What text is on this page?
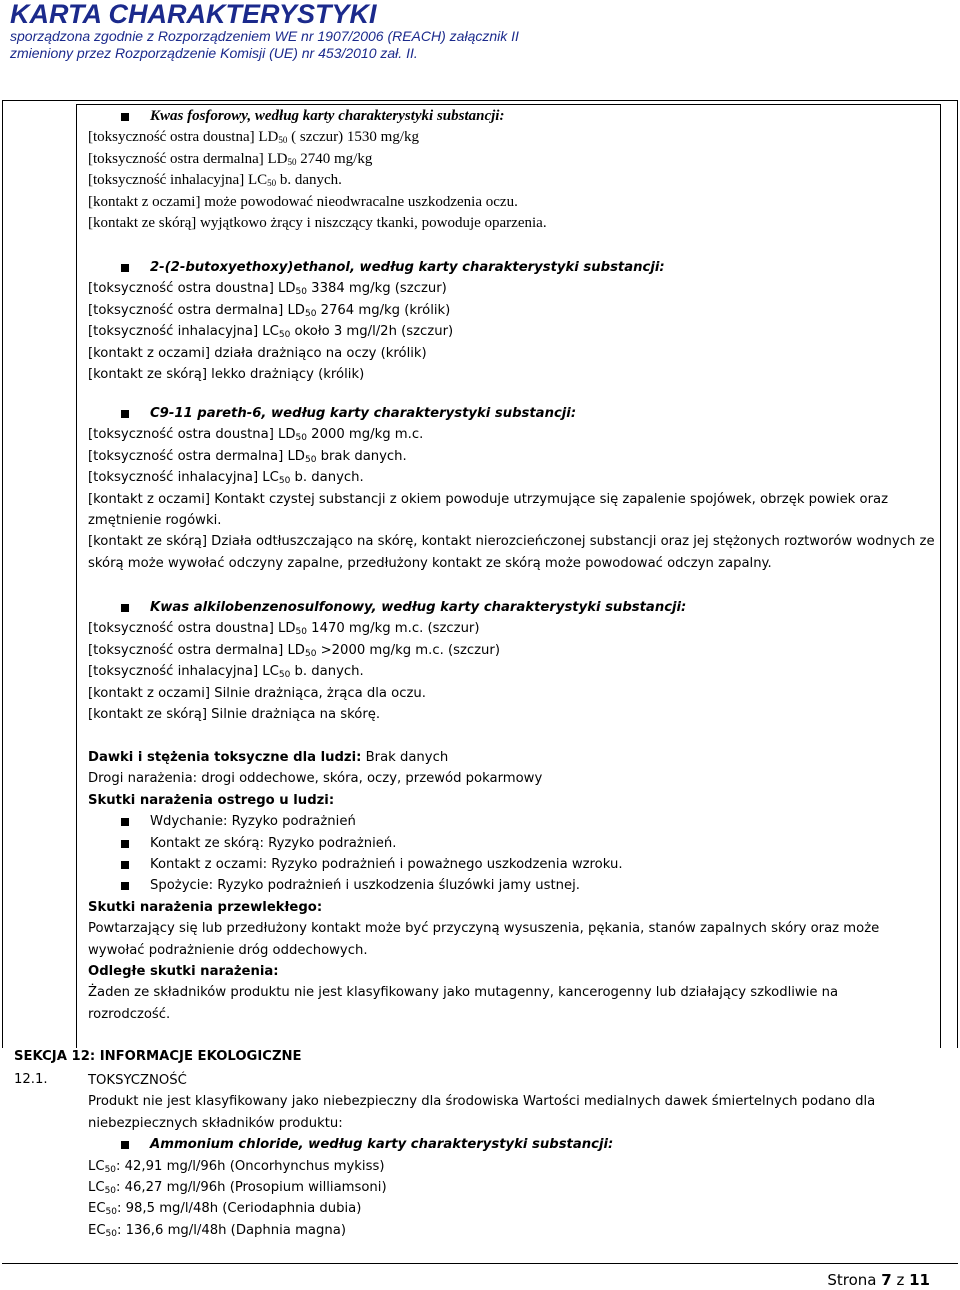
KARTA CHARAKTERYSTYKI
sporządzona zgodnie z Rozporządzeniem WE nr 1907/2006 (REACH) załącznik II
zmieniony przez Rozporządzenie Komisji (UE) nr 453/2010 zał. II.
Kwas fosforowy, według karty charakterystyki substancji:
[toksyczność ostra doustna] $LD_{50}$ ( szczur) 1530 mg/kg
[toksyczność ostra dermalna] $LD_{50}$ 2740 mg/kg
[toksyczność inhalacyjna] $LC_{50}$ b. danych.
[kontakt z oczami] może powodować nieodwracalne uszkodzenia oczu.
[kontakt ze skórą] wyjątkowo żrący i niszczący tkanki, powoduje oparzenia.
2-(2-butoxyethoxy)ethanol, według karty charakterystyki substancji:
[toksyczność ostra doustna] $LD_{50}$ 3384 mg/kg (szczur)
[toksyczność ostra dermalna] $LD_{50}$ 2764 mg/kg (królik)
[toksyczność inhalacyjna] $LC_{50}$ około 3 mg/l/2h (szczur)
[kontakt z oczami] działa drażniąco na oczy (królik)
[kontakt ze skórą] lekko drażniący (królik)
C9-11 pareth-6, według karty charakterystyki substancji:
[toksyczność ostra doustna] $LD_{50}$ 2000 mg/kg m.c.
[toksyczność ostra dermalna] $LD_{50}$ brak danych.
[toksyczność inhalacyjna] $LC_{50}$ b. danych.
[kontakt z oczami] Kontakt czystej substancji z okiem powoduje utrzymujące się zapalenie spojówek, obrzęk powiek oraz zmętnienie rogówki.
[kontakt ze skórą] Działa odtłuszczająco na skórę, kontakt nierozcieńczonej substancji oraz jej stężonych roztworów wodnych ze skórą może wywołać odczyny zapalne, przedłużony kontakt ze skórą może powodować odczyn zapalny.
Kwas alkilobenzenosulfonowy, według karty charakterystyki substancji:
[toksyczność ostra doustna] $LD_{50}$ 1470 mg/kg m.c. (szczur)
[toksyczność ostra dermalna] $LD_{50} >2000$ mg/kg m.c. (szczur)
[toksyczność inhalacyjna] $LC_{50}$ b. danych.
[kontakt z oczami] Silnie drażniąca, żrąca dla oczu.
[kontakt ze skórą] Silnie drażniąca na skórę.
Dawki i stężenia toksyczne dla ludzi: Brak danych
Drogi narażenia: drogi oddechowe, skóra, oczy, przewód pokarmowy
Skutki narażenia ostrego u ludzi:
Wdychanie: Ryzyko podrażnień
Kontakt ze skórą: Ryzyko podrażnień.
Kontakt z oczami: Ryzyko podrażnień i poważnego uszkodzenia wzroku.
Spożycie: Ryzyko podrażnień i uszkodzenia śluzówki jamy ustnej.
Skutki narażenia przewlekłego:
Powtarzający się lub przedłużony kontakt może być przyczyną wysuszenia, pękania, stanów zapalnych skóry oraz może wywołać podrażnienie dróg oddechowych.
Odległe skutki narażenia:
Żaden ze składników produktu nie jest klasyfikowany jako mutagenny, kancerogenny lub działający szkodliwie na rozrodczość.
SEKCJA 12: INFORMACJE EKOLOGICZNE
12.1.	TOKSYCZNOŚĆ
Produkt nie jest klasyfikowany jako niebezpieczny dla środowiska Wartości medialnych dawek śmiertelnych podano dla niebezpiecznych składników produktu:
Ammonium chloride, według karty charakterystyki substancji:
$LC_{50}$: 42,91 mg/l/96h (Oncorhynchus mykiss)
$LC_{50}$: 46,27 mg/l/96h (Prosopium williamsoni)
$EC_{50}$: 98,5 mg/l/48h (Ceriodaphnia dubia)
$EC_{50}$: 136,6 mg/l/48h (Daphnia magna)
Strona 7 z 11
